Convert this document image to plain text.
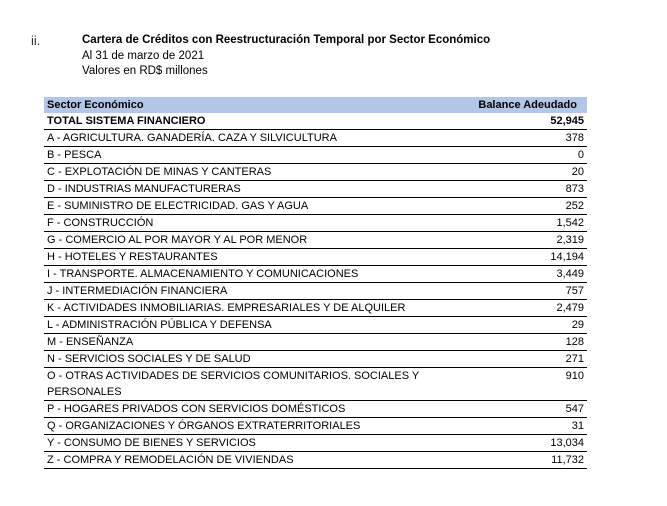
ii.	Cartera de Créditos con Reestructuración Temporal por Sector Económico
Al 31 de marzo de 2021
Valores en RD$ millones
Sector Económico	Balance Adeudado
TOTAL SISTEMA FINANCIERO	52,945
A - AGRICULTURA. GANADERÍA. CAZA Y SILVICULTURA	378
B - PESCA	0
C - EXPLOTACIÓN DE MINAS Y CANTERAS	20
D - INDUSTRIAS MANUFACTURERAS	873
E - SUMINISTRO DE ELECTRICIDAD. GAS Y AGUA	252
F - CONSTRUCCIÓN	1,542
G - COMERCIO AL POR MAYOR Y AL POR MENOR	2,319
H - HOTELES Y RESTAURANTES	14,194
I - TRANSPORTE. ALMACENAMIENTO Y COMUNICACIONES	3,449
J - INTERMEDIACIÓN FINANCIERA	757
K - ACTIVIDADES INMOBILIARIAS. EMPRESARIALES Y DE ALQUILER	2,479
L - ADMINISTRACIÓN PÚBLICA Y DEFENSA	29
M - ENSEÑANZA	128
N - SERVICIOS SOCIALES Y DE SALUD	271
O - OTRAS ACTIVIDADES DE SERVICIOS COMUNITARIOS. SOCIALES Y PERSONALES	910
P - HOGARES PRIVADOS CON SERVICIOS DOMÉSTICOS	547
Q - ORGANIZACIONES Y ÓRGANOS EXTRATERRITORIALES	31
Y - CONSUMO DE BIENES Y SERVICIOS	13,034
Z - COMPRA Y REMODELACIÓN DE VIVIENDAS	11,732
